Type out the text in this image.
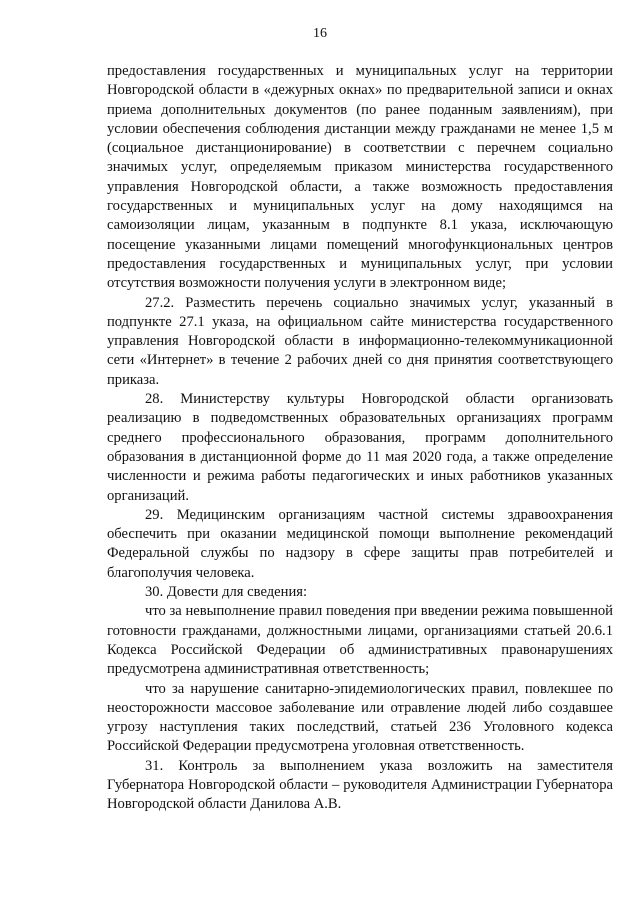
16

предоставления государственных и муниципальных услуг на территории Новгородской области в «дежурных окнах» по предварительной записи и окнах приема дополнительных документов (по ранее поданным заявлениям), при условии обеспечения соблюдения дистанции между гражданами не менее 1,5 м (социальное дистанционирование) в соответствии с перечнем социально значимых услуг, определяемым приказом министерства государственного управления Новгородской области, а также возможность предоставления государственных и муниципальных услуг на дому находящимся на самоизоляции лицам, указанным в подпункте 8.1 указа, исключающую посещение указанными лицами помещений многофункциональных центров предоставления государственных и муниципальных услуг, при условии отсутствия возможности получения услуги в электронном виде;

27.2. Разместить перечень социально значимых услуг, указанный в подпункте 27.1 указа, на официальном сайте министерства государственного управления Новгородской области в информационно-телекоммуникационной сети «Интернет» в течение 2 рабочих дней со дня принятия соответствующего приказа.

28. Министерству культуры Новгородской области организовать реализацию в подведомственных образовательных организациях программ среднего профессионального образования, программ дополнительного образования в дистанционной форме до 11 мая 2020 года, а также определение численности и режима работы педагогических и иных работников указанных организаций.

29. Медицинским организациям частной системы здравоохранения обеспечить при оказании медицинской помощи выполнение рекомендаций Федеральной службы по надзору в сфере защиты прав потребителей и благополучия человека.

30. Довести для сведения:

что за невыполнение правил поведения при введении режима повышенной готовности гражданами, должностными лицами, организациями статьей 20.6.1 Кодекса Российской Федерации об административных правонарушениях предусмотрена административная ответственность;

что за нарушение санитарно-эпидемиологических правил, повлекшее по неосторожности массовое заболевание или отравление людей либо создавшее угрозу наступления таких последствий, статьей 236 Уголовного кодекса Российской Федерации предусмотрена уголовная ответственность.

31. Контроль за выполнением указа возложить на заместителя Губернатора Новгородской области – руководителя Администрации Губернатора Новгородской области Данилова А.В.
